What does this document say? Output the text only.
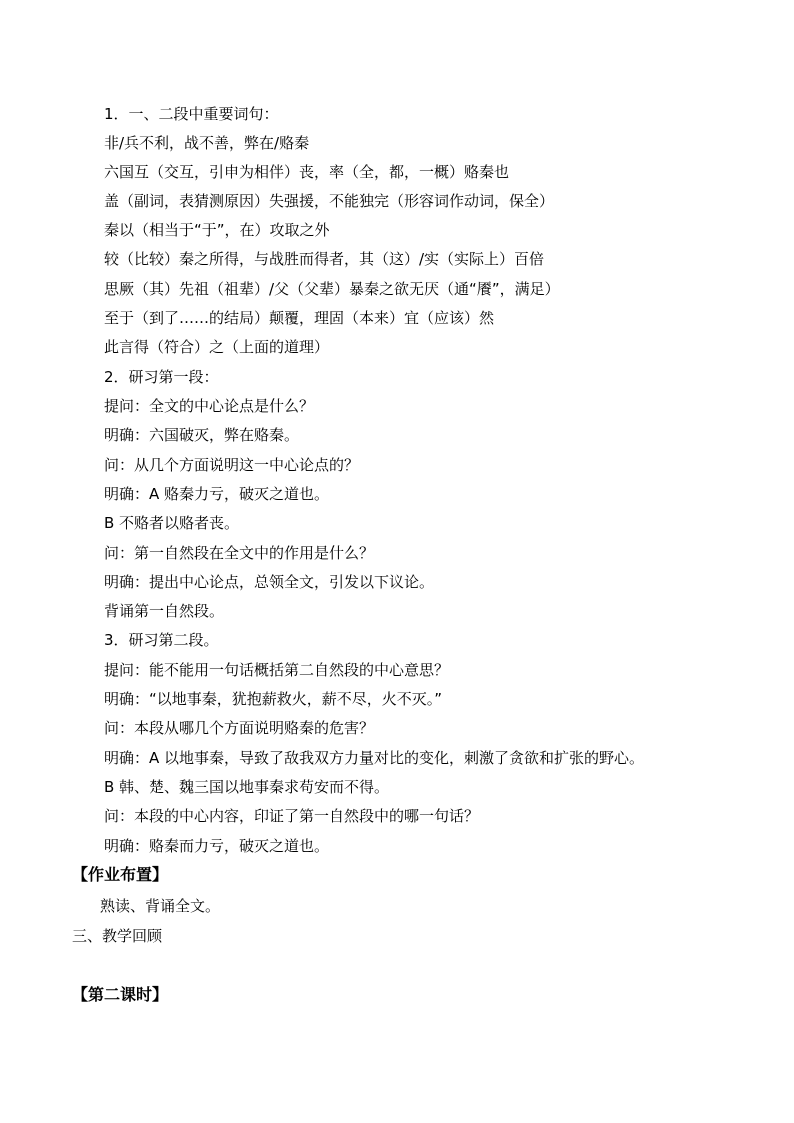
1．一、二段中重要词句：
非/兵不利，战不善，弊在/赂秦
六国互（交互，引申为相伴）丧，率（全，都，一概）赂秦也
盖（副词，表猜测原因）失强援，不能独完（形容词作动词，保全）
秦以（相当于“于”，在）攻取之外
较（比较）秦之所得，与战胜而得者，其（这）/实（实际上）百倍
思厥（其）先祖（祖辈）/父（父辈）暴秦之欲无厌（通“餍”，满足）
至于（到了……的结局）颠覆，理固（本来）宜（应该）然
此言得（符合）之（上面的道理）
2．研习第一段：
提问：全文的中心论点是什么？
明确：六国破灭，弊在赂秦。
问：从几个方面说明这一中心论点的？
明确：A 赂秦力亏，破灭之道也。
B 不赂者以赂者丧。
问：第一自然段在全文中的作用是什么？
明确：提出中心论点，总领全文，引发以下议论。
背诵第一自然段。
3．研习第二段。
提问：能不能用一句话概括第二自然段的中心意思？
明确：“以地事秦，犹抱薪救火，薪不尽，火不灭。”
问：本段从哪几个方面说明赂秦的危害？
明确：A 以地事秦，导致了敌我双方力量对比的变化，刺激了贪欲和扩张的野心。
B 韩、楚、魏三国以地事秦求苟安而不得。
问：本段的中心内容，印证了第一自然段中的哪一句话？
明确：赂秦而力亏，破灭之道也。
【作业布置】
熟读、背诵全文。
三、教学回顾
【第二课时】
